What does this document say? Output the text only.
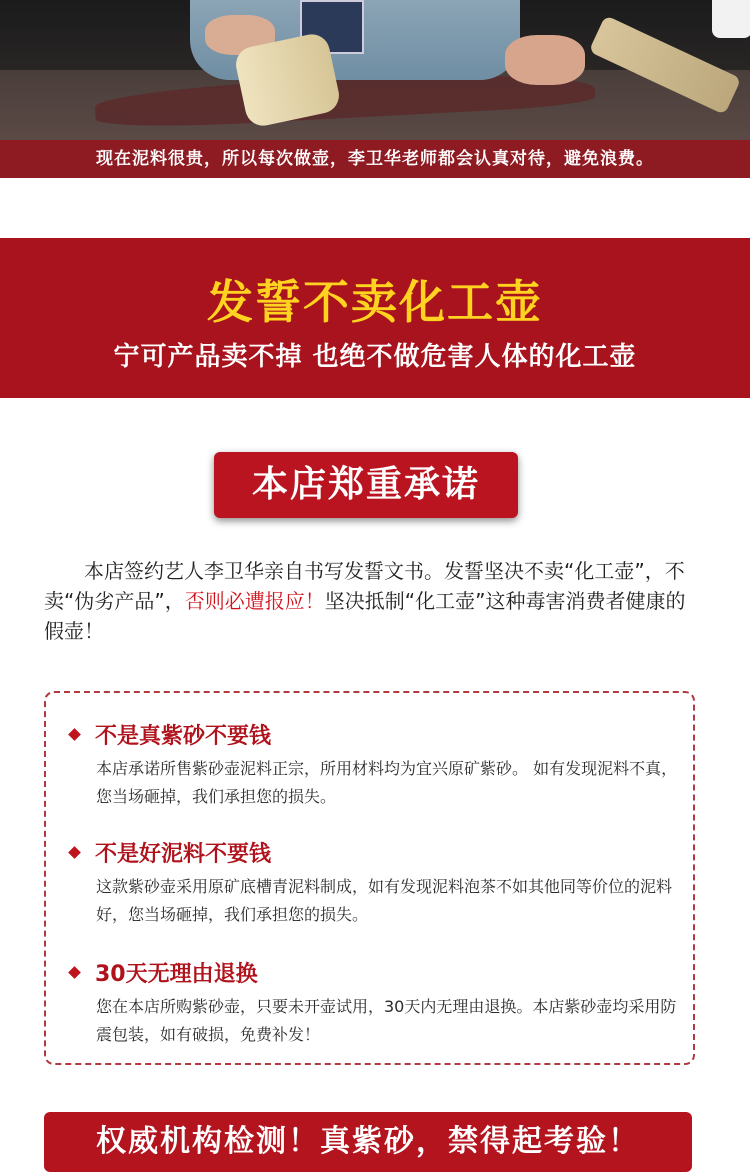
现在泥料很贵，所以每次做壶，李卫华老师都会认真对待，避免浪费。
发誓不卖化工壶
宁可产品卖不掉 也绝不做危害人体的化工壶
本店郑重承诺
本店签约艺人李卫华亲自书写发誓文书。发誓坚决不卖“化工壶”，不卖“伪劣产品”，否则必遭报应！坚决抵制“化工壶”这种毒害消费者健康的假壶！
不是真紫砂不要钱
本店承诺所售紫砂壶泥料正宗，所用材料均为宜兴原矿紫砂。 如有发现泥料不真，您当场砸掉，我们承担您的损失。
不是好泥料不要钱
这款紫砂壶采用原矿底槽青泥料制成，如有发现泥料泡茶不如其他同等价位的泥料好，您当场砸掉，我们承担您的损失。
30天无理由退换
您在本店所购紫砂壶，只要未开壶试用，30天内无理由退换。本店紫砂壶均采用防震包装，如有破损，免费补发！
权威机构检测！真紫砂，禁得起考验！
